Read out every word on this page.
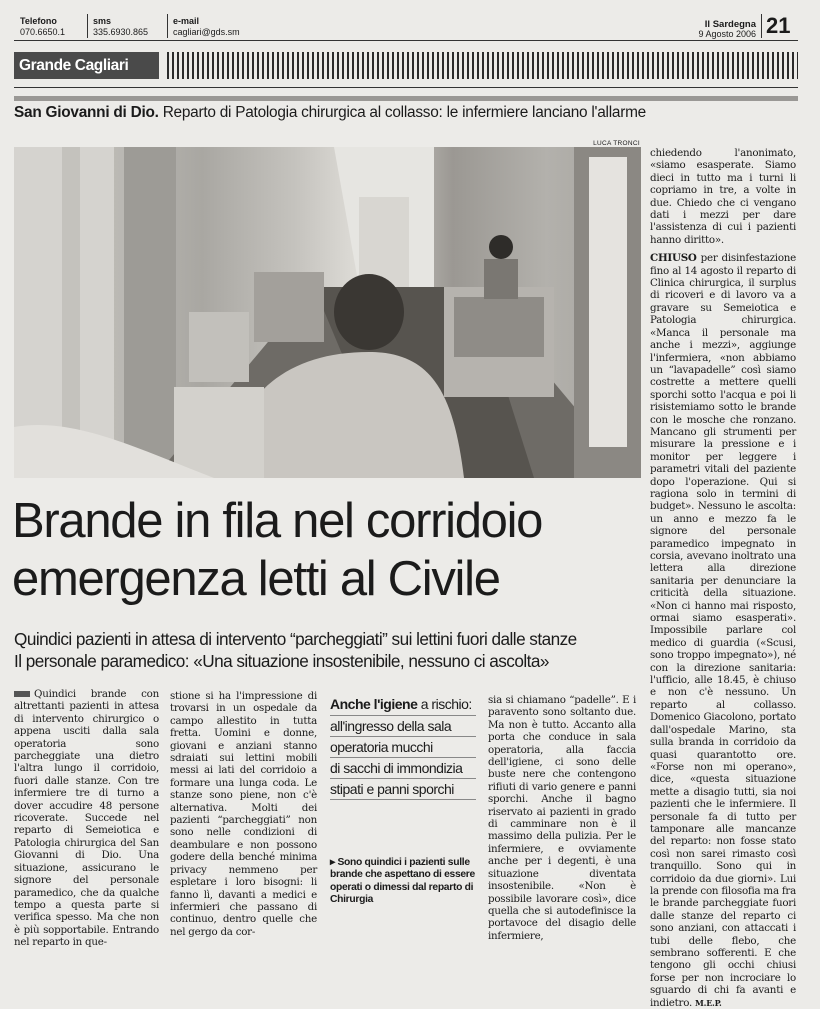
Telefono
070.6650.1
sms
335.6930.865
e-mail
cagliari@gds.sm
Il Sardegna
9 Agosto 2006 21
Grande Cagliari
San Giovanni di Dio. Reparto di Patologia chirurgica al collasso: le infermiere lanciano l'allarme
LUCA TRONCI
Brande in fila nel corridoio
emergenza letti al Civile
Quindici pazienti in attesa di intervento “parcheggiati” sui lettini fuori dalle stanze
Il personale paramedico: «Una situazione insostenibile, nessuno ci ascolta»
Quindici brande con altrettanti pazienti in attesa di intervento chirurgico o appena usciti dalla sala operatoria sono parcheggiate una dietro l'altra lungo il corridoio, fuori dalle stanze. Con tre infermiere tre di turno a dover accudire 48 persone ricoverate. Succede nel reparto di Semeiotica e Patologia chirurgica del San Giovanni di Dio. Una situazione, assicurano le signore del personale paramedico, che da qualche tempo a questa parte si verifica spesso. Ma che non è più sopportabile. Entrando nel reparto in que-
stione si ha l'impressione di trovarsi in un ospedale da campo allestito in tutta fretta. Uomini e donne, giovani e anziani stanno sdraiati sui lettini mobili messi ai lati del corridoio a formare una lunga coda. Le stanze sono piene, non c'è alternativa. Molti dei pazienti “parcheggiati” non sono nelle condizioni di deambulare e non possono godere della benché minima privacy nemmeno per espletare i loro bisogni: li fanno lì, davanti a medici e infermieri che passano di continuo, dentro quelle che nel gergo da cor-
Anche l'igiene a rischio:
all'ingresso della sala
operatoria mucchi
di sacchi di immondizia
stipati e panni sporchi
▸ Sono quindici i pazienti sulle brande che aspettano di essere operati o dimessi dal reparto di Chirurgia
sia si chiamano “padelle”. E i paravento sono soltanto due. Ma non è tutto. Accanto alla porta che conduce in sala operatoria, alla faccia dell'igiene, ci sono delle buste nere che contengono rifiuti di vario genere e panni sporchi. Anche il bagno riservato ai pazienti in grado di camminare non è il massimo della pulizia. Per le infermiere, e ovviamente anche per i degenti, è una situazione diventata insostenibile. «Non è possibile lavorare così», dice quella che si autodefinisce la portavoce del disagio delle infermiere,
chiedendo l'anonimato, «siamo esasperate. Siamo dieci in tutto ma i turni li copriamo in tre, a volte in due. Chiedo che ci vengano dati i mezzi per dare l'assistenza di cui i pazienti hanno diritto».

CHIUSO per disinfestazione fino al 14 agosto il reparto di Clinica chirurgica, il surplus di ricoveri e di lavoro va a gravare su Semeiotica e Patologia chirurgica. «Manca il personale ma anche i mezzi», aggiunge l'infermiera, «non abbiamo un “lavapadelle” così siamo costrette a mettere quelli sporchi sotto l'acqua e poi li risistemiamo sotto le brande con le mosche che ronzano. Mancano gli strumenti per misurare la pressione e i monitor per leggere i parametri vitali del paziente dopo l'operazione. Qui si ragiona solo in termini di budget». Nessuno le ascolta: un anno e mezzo fa le signore del personale paramedico impegnato in corsia, avevano inoltrato una lettera alla direzione sanitaria per denunciare la criticità della situazione. «Non ci hanno mai risposto, ormai siamo esasperati». Impossibile parlare col medico di guardia («Scusi, sono troppo impegnato»), né con la direzione sanitaria: l'ufficio, alle 18.45, è chiuso e non c'è nessuno. Un reparto al collasso. Domenico Giacolono, portato dall'ospedale Marino, sta sulla branda in corridoio da quasi quarantotto ore. «Forse non mi operano», dice, «questa situazione mette a disagio tutti, sia noi pazienti che le infermiere. Il personale fa di tutto per tamponare alle mancanze del reparto: non fosse stato così non sarei rimasto così tranquillo. Sono qui in corridoio da due giorni». Lui la prende con filosofia ma fra le brande parcheggiate fuori dalle stanze del reparto ci sono anziani, con attaccati i tubi delle flebo, che sembrano sofferenti. E che tengono gli occhi chiusi forse per non incrociare lo sguardo di chi fa avanti e indietro. M.E.P.
